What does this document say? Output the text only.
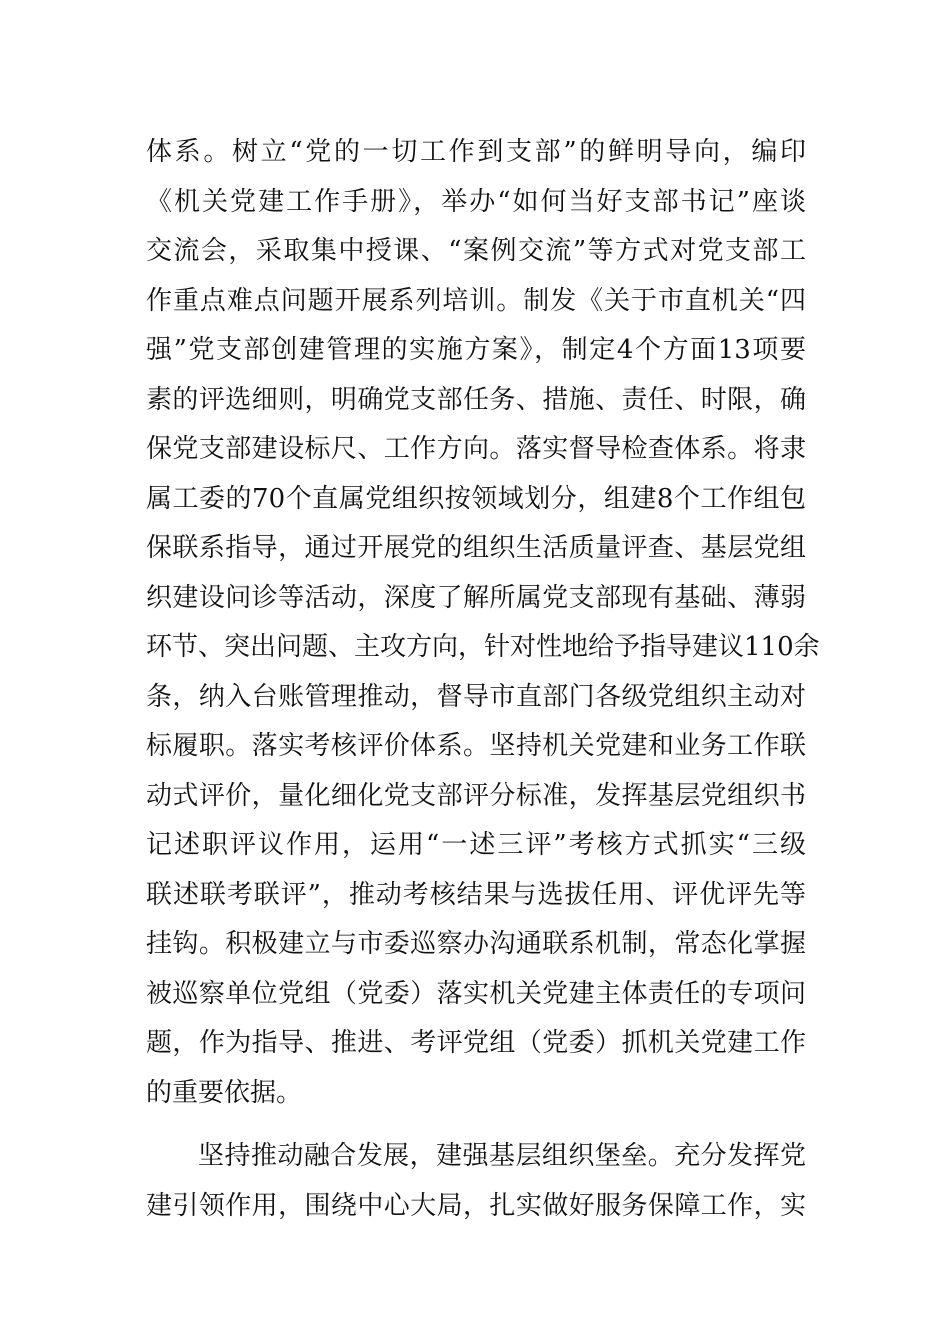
体系。树立“党的一切工作到支部”的鲜明导向，编印
《机关党建工作手册》，举办“如何当好支部书记”座谈
交流会，采取集中授课、“案例交流”等方式对党支部工
作重点难点问题开展系列培训。制发《关于市直机关“四
强”党支部创建管理的实施方案》，制定4个方面13项要
素的评选细则，明确党支部任务、措施、责任、时限，确
保党支部建设标尺、工作方向。落实督导检查体系。将隶
属工委的70个直属党组织按领域划分，组建8个工作组包
保联系指导，通过开展党的组织生活质量评查、基层党组
织建设问诊等活动，深度了解所属党支部现有基础、薄弱
环节、突出问题、主攻方向，针对性地给予指导建议110余
条，纳入台账管理推动，督导市直部门各级党组织主动对
标履职。落实考核评价体系。坚持机关党建和业务工作联
动式评价，量化细化党支部评分标准，发挥基层党组织书
记述职评议作用，运用“一述三评”考核方式抓实“三级
联述联考联评”，推动考核结果与选拔任用、评优评先等
挂钩。积极建立与市委巡察办沟通联系机制，常态化掌握
被巡察单位党组（党委）落实机关党建主体责任的专项问
题，作为指导、推进、考评党组（党委）抓机关党建工作
的重要依据。
坚持推动融合发展，建强基层组织堡垒。充分发挥党
建引领作用，围绕中心大局，扎实做好服务保障工作，实
